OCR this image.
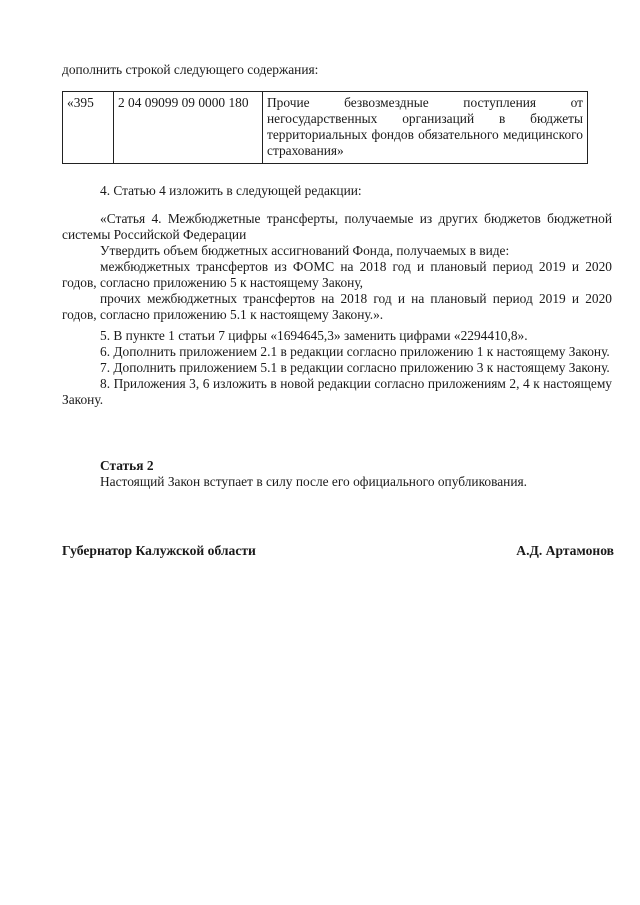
дополнить строкой следующего содержания:
«395	2 04 09099 09 0000 180	Прочие безвозмездные поступления от негосударственных организаций в бюджеты территориальных фондов обязательного медицинского страхования»
4. Статью 4 изложить в следующей редакции:
«Статья 4. Межбюджетные трансферты, получаемые из других бюджетов бюджетной системы Российской Федерации
Утвердить объем бюджетных ассигнований Фонда, получаемых в виде:
межбюджетных трансфертов из ФОМС на 2018 год и плановый период 2019 и 2020 годов, согласно приложению 5 к настоящему Закону,
прочих межбюджетных трансфертов на 2018 год и на плановый период 2019 и 2020 годов, согласно приложению 5.1 к настоящему Закону.».
5. В пункте 1 статьи 7 цифры «1694645,3» заменить цифрами «2294410,8».
6. Дополнить приложением 2.1 в редакции согласно приложению 1 к настоящему Закону.
7. Дополнить приложением 5.1 в редакции согласно приложению 3 к настоящему Закону.
8. Приложения 3, 6 изложить в новой редакции согласно приложениям 2, 4 к настоящему Закону.
Статья 2
Настоящий Закон вступает в силу после его официального опубликования.
Губернатор Калужской области	А.Д. Артамонов
